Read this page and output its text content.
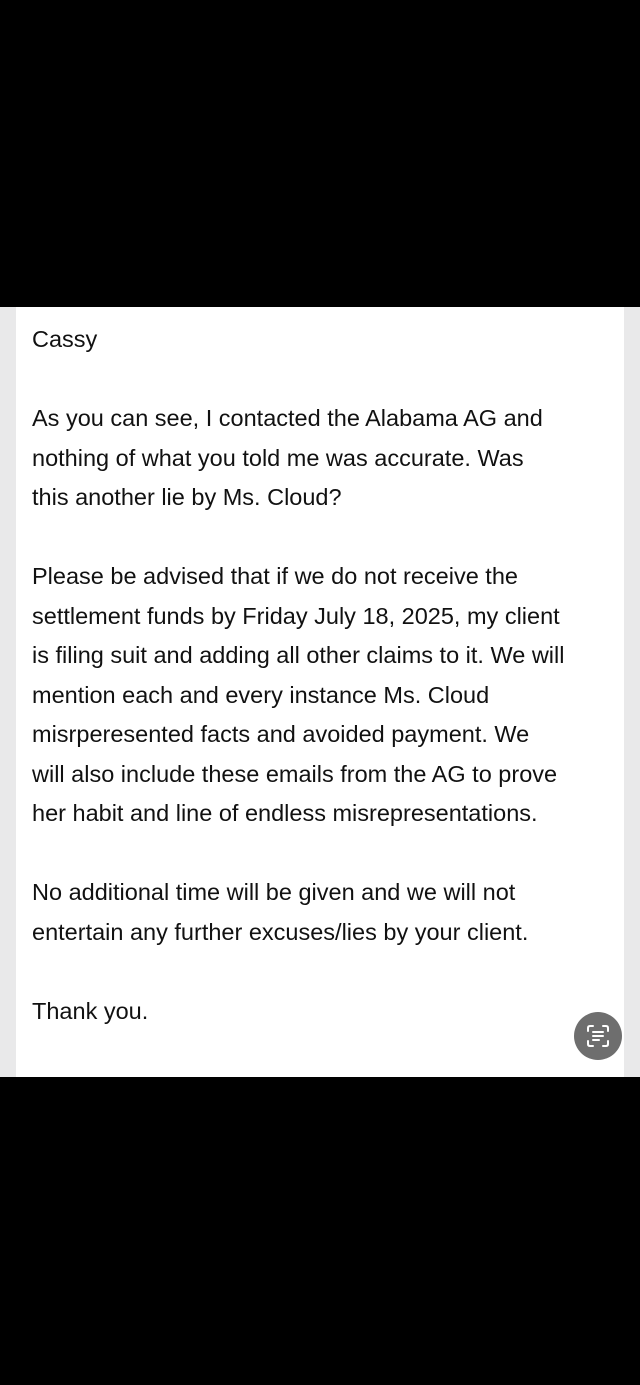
Cassy

As you can see, I contacted the Alabama AG and
nothing of what you told me was accurate. Was
this another lie by Ms. Cloud?

Please be advised that if we do not receive the
settlement funds by Friday July 18, 2025, my client
is filing suit and adding all other claims to it. We will
mention each and every instance Ms. Cloud
misrperesented facts and avoided payment. We
will also include these emails from the AG to prove
her habit and line of endless misrepresentations.

No additional time will be given and we will not
entertain any further excuses/lies by your client.

Thank you.
